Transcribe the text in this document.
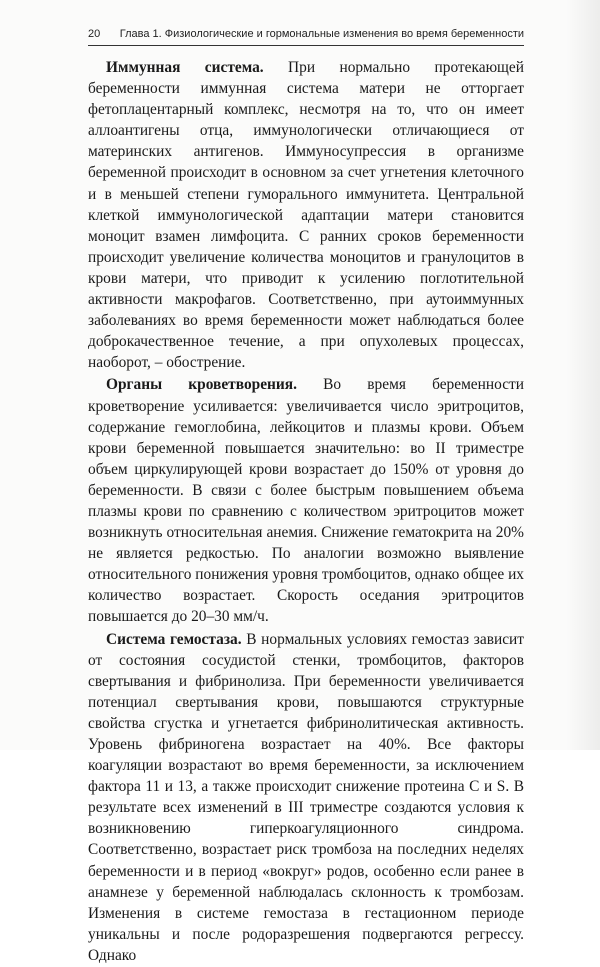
20 Глава 1. Физиологические и гормональные изменения во время беременности

Иммунная система. При нормально протекающей беременности иммунная система матери не отторгает фетоплацентарный комплекс, несмотря на то, что он имеет аллоантигены отца, иммунологически отличающиеся от материнских антигенов. Иммуносупрессия в организме беременной происходит в основном за счет угнетения клеточного и в меньшей степени гуморального иммунитета. Центральной клеткой иммунологической адаптации матери становится моноцит взамен лимфоцита. С ранних сроков беременности происходит увеличение количества моноцитов и гранулоцитов в крови матери, что приводит к усилению поглотительной активности макрофагов. Соответственно, при аутоиммунных заболеваниях во время беременности может наблюдаться более доброкачественное течение, а при опухолевых процессах, наоборот, – обострение.

Органы кроветворения. Во время беременности кроветворение усиливается: увеличивается число эритроцитов, содержание гемоглобина, лейкоцитов и плазмы крови. Объем крови беременной повышается значительно: во II триместре объем циркулирующей крови возрастает до 150% от уровня до беременности. В связи с более быстрым повышением объема плазмы крови по сравнению с количеством эритроцитов может возникнуть относительная анемия. Снижение гематокрита на 20% не является редкостью. По аналогии возможно выявление относительного понижения уровня тромбоцитов, однако общее их количество возрастает. Скорость оседания эритроцитов повышается до 20–30 мм/ч.

Система гемостаза. В нормальных условиях гемостаз зависит от состояния сосудистой стенки, тромбоцитов, факторов свертывания и фибринолиза. При беременности увеличивается потенциал свертывания крови, повышаются структурные свойства сгустка и угнетается фибринолитическая активность. Уровень фибриногена возрастает на 40%. Все факторы коагуляции возрастают во время беременности, за исключением фактора 11 и 13, а также происходит снижение протеина С и S. В результате всех изменений в III триместре создаются условия к возникновению гиперкоагуляционного синдрома. Соответственно, возрастает риск тромбоза на последних неделях беременности и в период «вокруг» родов, особенно если ранее в анамнезе у беременной наблюдалась склонность к тромбозам. Изменения в системе гемостаза в гестационном периоде уникальны и после родоразрешения подвергаются регрессу. Однако
